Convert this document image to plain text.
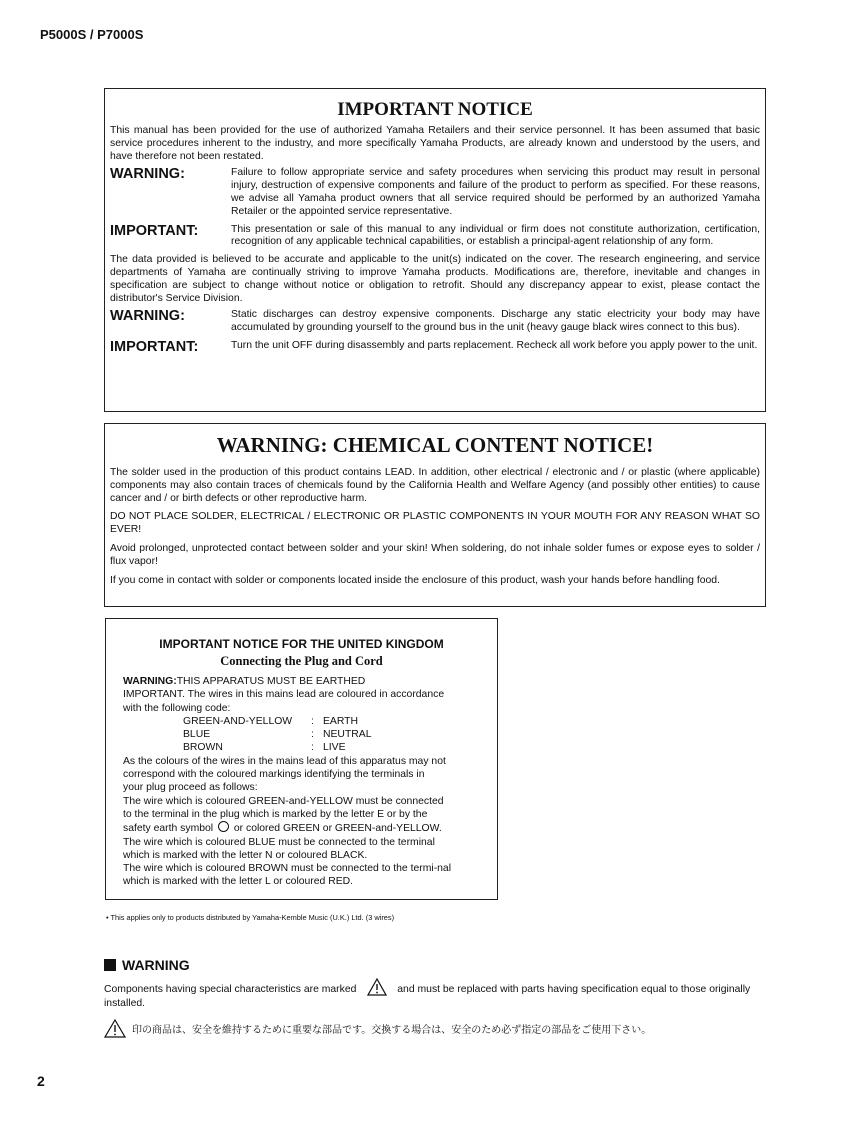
P5000S / P7000S
IMPORTANT NOTICE
This manual has been provided for the use of authorized Yamaha Retailers and their service personnel. It has been assumed that basic service procedures inherent to the industry, and more specifically Yamaha Products, are already known and understood by the users, and have therefore not been restated.
WARNING:	Failure to follow appropriate service and safety procedures when servicing this product may result in personal injury, destruction of expensive components and failure of the product to perform as specified. For these reasons, we advise all Yamaha product owners that all service required should be performed by an authorized Yamaha Retailer or the appointed service representative.
IMPORTANT:	This presentation or sale of this manual to any individual or firm does not constitute authorization, certification, recognition of any applicable technical capabilities, or establish a principal-agent relationship of any form.
The data provided is believed to be accurate and applicable to the unit(s) indicated on the cover. The research engineering, and service departments of Yamaha are continually striving to improve Yamaha products. Modifications are, therefore, inevitable and changes in specification are subject to change without notice or obligation to retrofit. Should any discrepancy appear to exist, please contact the distributor's Service Division.
WARNING:	Static discharges can destroy expensive components. Discharge any static electricity your body may have accumulated by grounding yourself to the ground bus in the unit (heavy gauge black wires connect to this bus).
IMPORTANT:	Turn the unit OFF during disassembly and parts replacement. Recheck all work before you apply power to the unit.
WARNING: CHEMICAL CONTENT NOTICE!
The solder used in the production of this product contains LEAD. In addition, other electrical / electronic and / or plastic (where applicable) components may also contain traces of chemicals found by the California Health and Welfare Agency (and possibly other entities) to cause cancer and / or birth defects or other reproductive harm.
DO NOT PLACE SOLDER, ELECTRICAL / ELECTRONIC OR PLASTIC COMPONENTS IN YOUR MOUTH FOR ANY REASON WHAT SO EVER!
Avoid prolonged, unprotected contact between solder and your skin! When soldering, do not inhale solder fumes or expose eyes to solder / flux vapor!
If you come in contact with solder or components located inside the enclosure of this product, wash your hands before handling food.
IMPORTANT NOTICE FOR THE UNITED KINGDOM
Connecting the Plug and Cord
WARNING:THIS APPARATUS MUST BE EARTHED
IMPORTANT. The wires in this mains lead are coloured in accordance
with the following code:
GREEN-AND-YELLOW	: EARTH
BLUE	: NEUTRAL
BROWN	: LIVE
As the colours of the wires in the mains lead of this apparatus may not
correspond with the coloured markings identifying the terminals in
your plug proceed as follows:
The wire which is coloured GREEN-and-YELLOW must be connected
to the terminal in the plug which is marked by the letter E or by the
safety earth symbol or colored GREEN or GREEN-and-YELLOW.
The wire which is coloured BLUE must be connected to the terminal
which is marked with the letter N or coloured BLACK.
The wire which is coloured BROWN must be connected to the termi-nal
which is marked with the letter L or coloured RED.
• This applies only to products distributed by Yamaha-Kemble Music (U.K.) Ltd. (3 wires)
WARNING
Components having special characteristics are marked	and must be replaced with parts having specification equal to those originally installed.
印の商品は、安全を維持するために重要な部品です。交換する場合は、安全のため必ず指定の部品をご使用下さい。
2
